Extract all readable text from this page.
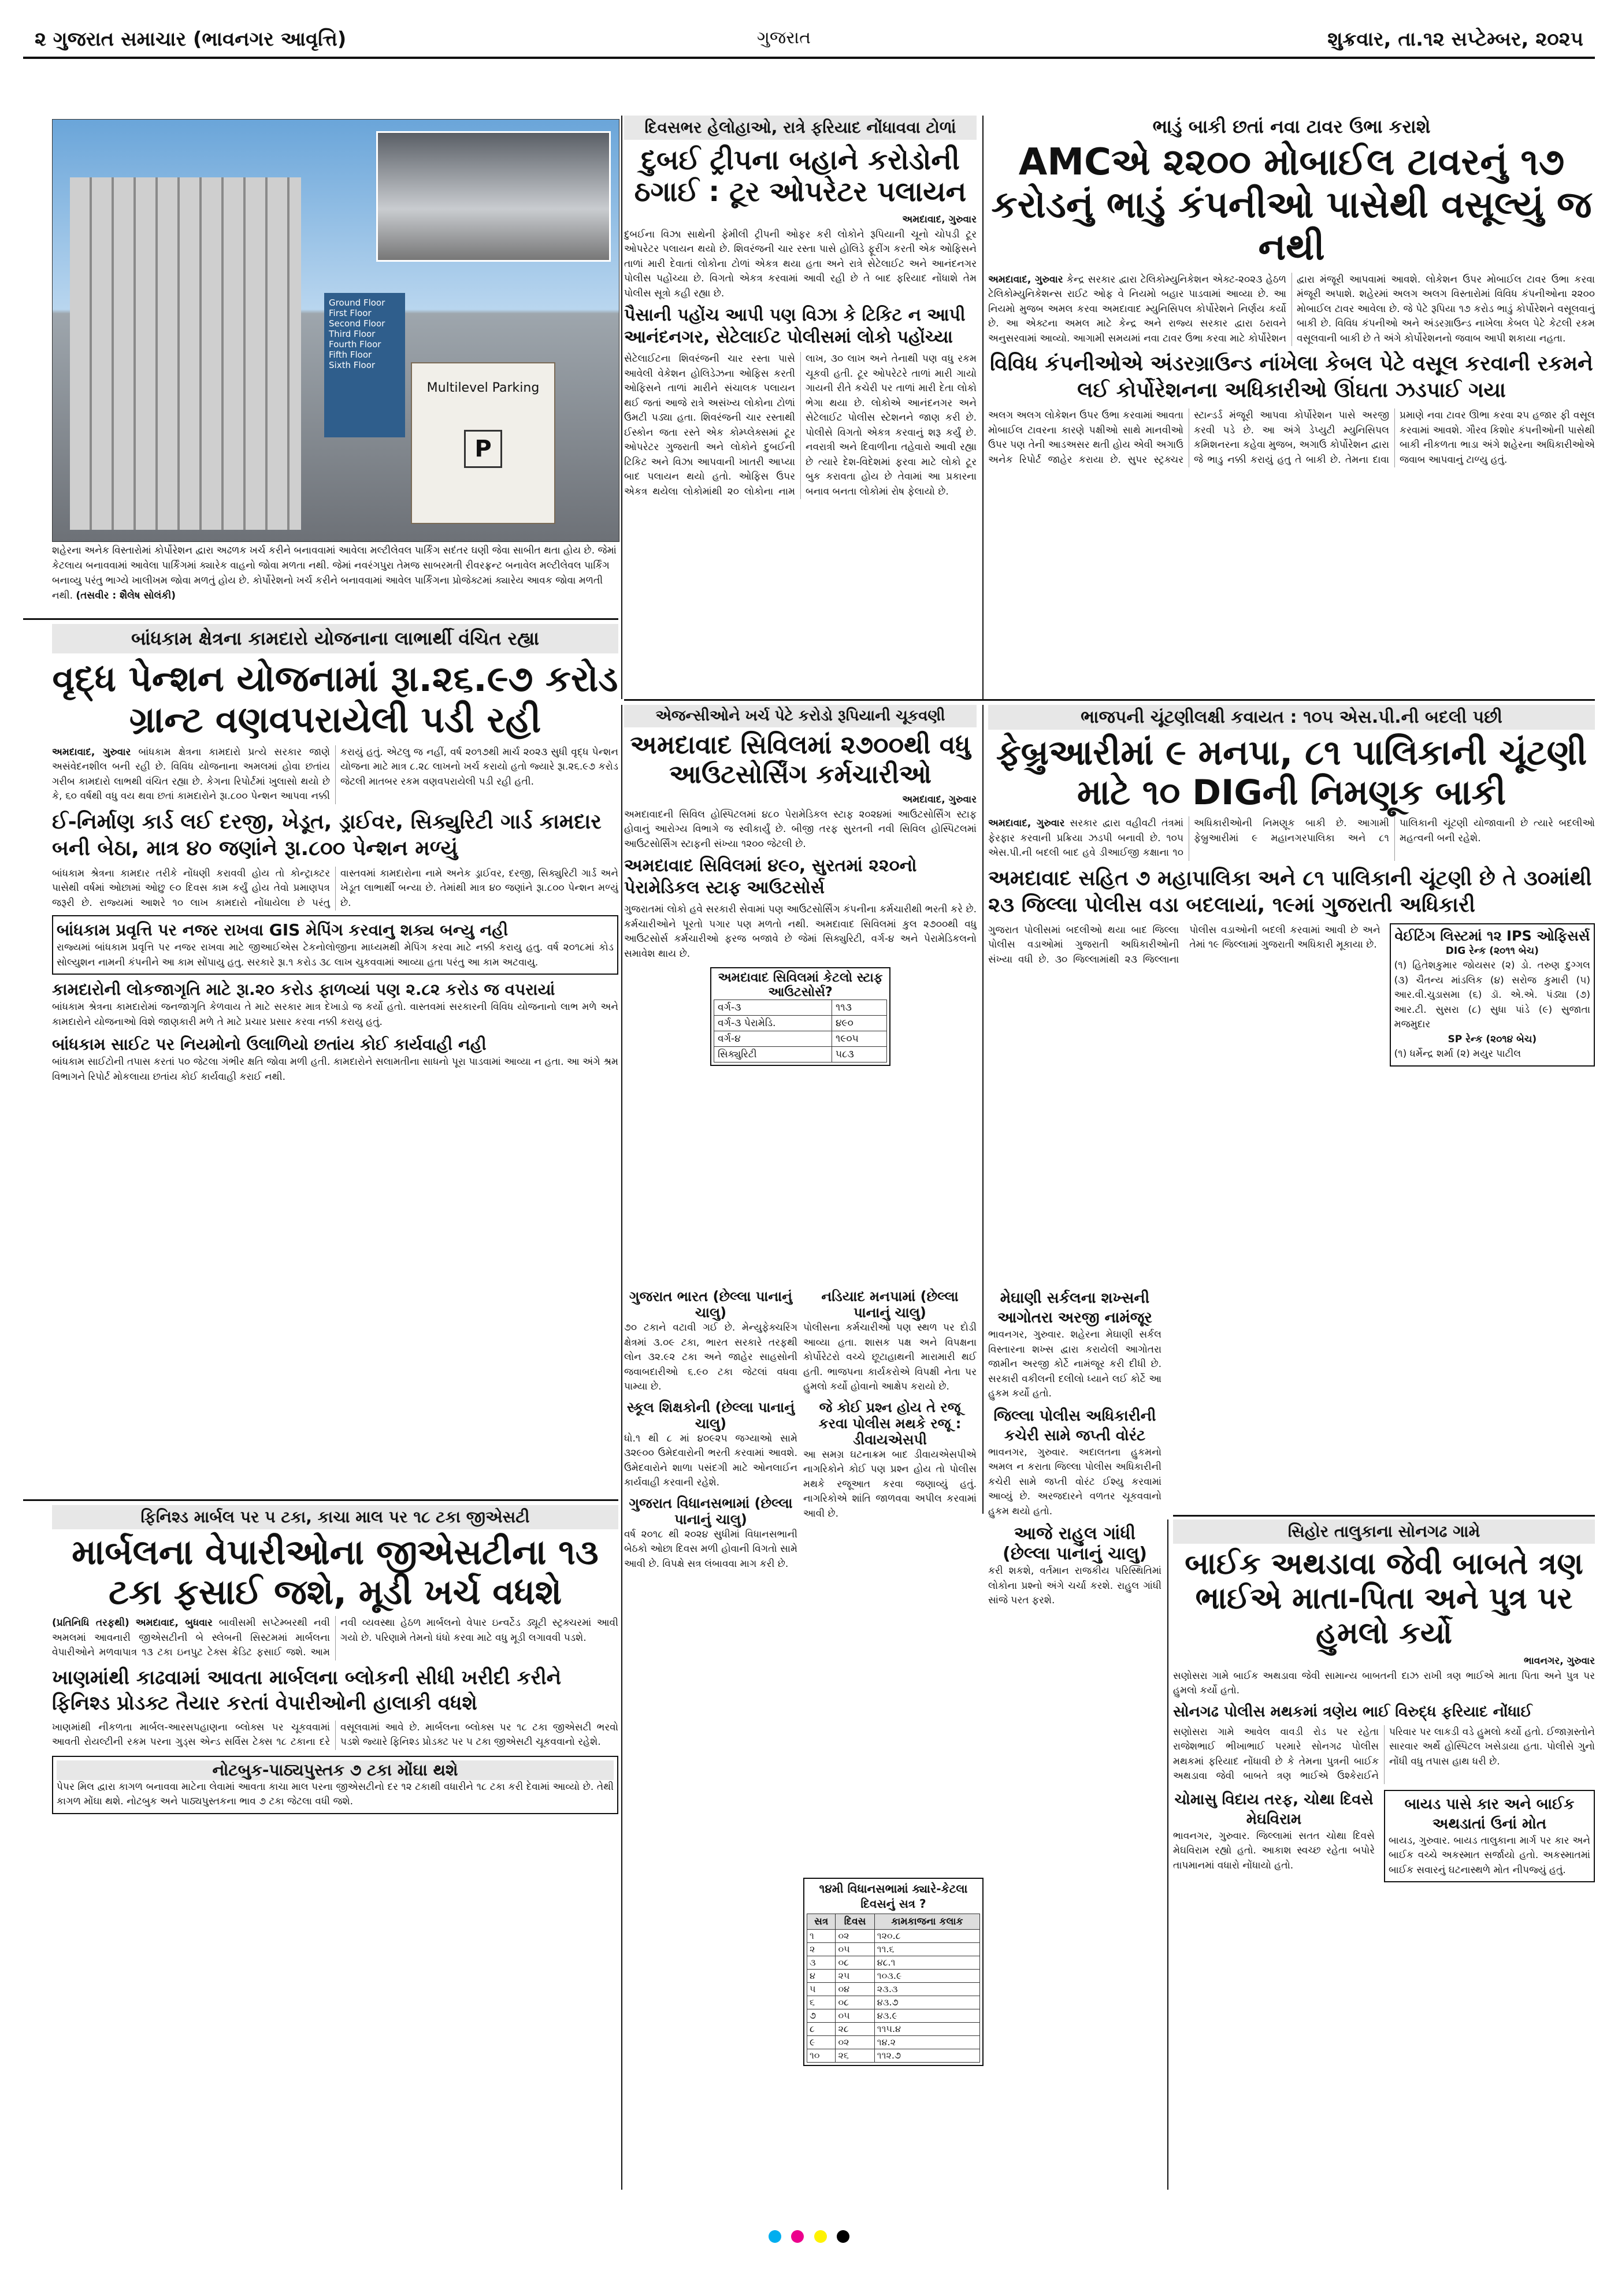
૨ ગુજરાત સમાચાર (ભાવનગર આવૃત્તિ)	ગુજરાત	શુક્રવાર, તા.૧૨ સપ્ટેમ્બર, ૨૦૨૫
Ground Floor
First Floor
Second Floor
Third Floor
Fourth Floor
Fifth Floor
Sixth Floor
Multilevel Parking
P
શહેરના અનેક વિસ્તારોમાં કોર્પોરેશન દ્વારા અઢળક ખર્ચ કરીને બનાવવામાં આવેલા મલ્ટીલેવલ પાર્કિંગ સદંતર ઘણી જેવા સાબીત થતા હોય છે. જેમાં કેટલાય બનાવવામાં આવેલા પાર્કિંગમાં ક્યારેક વાહનો જોવા મળતા નથી. જેમાં નવરંગપુરા તેમજ સાબરમતી રીવરફ્રન્ટ બનાવેલ મલ્ટીલેવલ પાર્કિંગ બનાવ્યુ પરંતુ ભાગ્યે ખાલીખમ જોવા મળતું હોય છે. કોર્પોરેશનો ખર્ચ કરીને બનાવવામાં આવેલ પાર્કિંગના પ્રોજેક્ટમાં ક્યારેય આવક જોવા મળતી નથી. (તસવીર : શૈલેષ સોલંકી)
દિવસભર હેલોહાઓ, રાત્રે ફરિયાદ નોંધાવવા ટોળાં
દુબઈ ટ્રીપના બહાને કરોડોની ઠગાઈ : ટૂર ઓપરેટર પલાયન
અમદાવાદ, ગુરુવાર
દુબઈના વિઝા સાથેની ફેમીલી ટ્રીપની ઓફર કરી લોકોને રૂપિયાની ચૂનો ચોપડી ટૂર ઓપરેટર પલાયન થયો છે. શિવરંજની ચાર રસ્તા પાસે હોલિડે ફૂરીંગ કરતી એક ઓફિસને તાળાં મારી દેવાતાં લોકોના ટોળાં એકત્ર થયા હતા અને રાત્રે સેટેલાઈટ અને આનંદનગર પોલીસ પહોંચ્યા છે. વિગતો એકત્ર કરવામાં આવી રહી છે તે બાદ ફરિયાદ નોંધાશે તેમ પોલીસ સૂત્રો કહી રહ્યા છે.
પૈસાની પહોંચ આપી પણ વિઝા કે ટિકિટ ન આપી આનંદનગર, સેટેલાઈટ પોલીસમાં લોકો પહોંચ્યા
સેટેલાઈટના શિવરંજની ચાર રસ્તા પાસે આવેલી વેકેશન હોલિડેઝના ઓફિસ કરતી ઓફિસને તાળાં મારીને સંચાલક પલાયન થઈ જતાં આજે રાત્રે અસંખ્ય લોકોના ટોળાં ઉમટી પડ્યા હતા. શિવરંજની ચાર રસ્તાથી ઈસ્કોન જતા રસ્તે એક કોમ્પ્લેક્સમાં ટૂર ઓપરેટર ગુજરાતી અને લોકોને દુબઈની ટિકિટ અને વિઝા આપવાની ખાતરી આપ્યા બાદ પલાયન થયો હતો. ઓફિસ ઉપર એકત્ર થયેલા લોકોમાંથી ૨૦ લોકોના નામ લાખ, ૩૦ લાખ અને તેનાથી પણ વધુ રકમ ચૂકવી હતી. ટૂર ઓપરેટરે તાળાં મારી ગાયો ગાયની રીતે કચેરી પર તાળાં મારી દેતા લોકો ભેગા થયા છે. લોકોએ આનંદનગર અને સેટેલાઈટ પોલીસ સ્ટેશનને જાણ કરી છે. પોલીસે વિગતો એકત્ર કરવાનું શરૂ કર્યું છે. નવરાત્રી અને દિવાળીના તહેવારો આવી રહ્યા છે ત્યારે દેશ-વિદેશમાં ફરવા માટે લોકો ટૂર બુક કરાવતા હોય છે તેવામાં આ પ્રકારના બનાવ બનતા લોકોમાં રોષ ફેલાયો છે.
ભાડું બાકી છતાં નવા ટાવર ઉભા કરાશે
AMCએ ૨૨૦૦ મોબાઈલ ટાવરનું ૧૭ કરોડનું ભાડું કંપનીઓ પાસેથી વસૂલ્યું જ નથી
અમદાવાદ, ગુરુવાર કેન્દ્ર સરકાર દ્વારા ટેલિકોમ્યુનિકેશન એક્ટ-૨૦૨૩ હેઠળ ટેલિકોમ્યુનિકેશન્સ રાઈટ ઓફ વે નિયમો બહાર પાડવામાં આવ્યા છે. આ નિયમો મુજબ અમલ કરવા અમદાવાદ મ્યુનિસિપલ કોર્પોરેશને નિર્ણય કર્યો છે. આ એક્ટના અમલ માટે કેન્દ્ર અને રાજ્ય સરકાર દ્વારા ઠરાવને અનુસરવામાં આવ્યો. આગામી સમયમાં નવા ટાવર ઉભા કરવા માટે કોર્પોરેશન દ્વારા મંજૂરી આપવામાં આવશે. લોકેશન ઉપર મોબાઈલ ટાવર ઉભા કરવા મંજૂરી અપાશે. શહેરમાં અલગ અલગ વિસ્તારોમાં વિવિધ કંપનીઓના ૨૨૦૦ મોબાઈલ ટાવર આવેલા છે. જે પેટે રૂપિયા ૧૭ કરોડ ભાડું કોર્પોરેશને વસૂલવાનું બાકી છે. વિવિધ કંપનીઓ અને અંડરગ્રાઉન્ડ નાખેલા કેબલ પેટે કેટલી રકમ વસૂલવાની બાકી છે તે અંગે કોર્પોરેશનનો જવાબ આપી શકાયા નહતા.
વિવિધ કંપનીઓએ અંડરગ્રાઉન્ડ નાંખેલા કેબલ પેટે વસૂલ કરવાની રકમને લઈ કોર્પોરેશનના અધિકારીઓ ઊંઘતા ઝડપાઈ ગયા
અલગ અલગ લોકેશન ઉપર ઉભા કરવામાં આવતા મોબાઈલ ટાવરના કારણે પક્ષીઓ સાથે માનવીઓ ઉપર પણ તેની આડઅસર થતી હોય એવી અગાઉ અનેક રિપોર્ટ જાહેર કરાયા છે. સુપર સ્ટ્રક્ચર સ્ટાન્ડર્ડ મંજૂરી આપવા કોર્પોરેશન પાસે અરજી કરવી પડે છે. આ અંગે ડેપ્યુટી મ્યુનિસિપલ કમિશનરના કહેવા મુજબ, અગાઉ કોર્પોરેશન દ્વારા જે ભાડુ નક્કી કરાયું હતુ તે બાકી છે. તેમના દાવા પ્રમાણે નવા ટાવર ઊભા કરવા ૨૫ હજાર ફી વસૂલ કરવામાં આવશે. ગૌરવ કિશોર કંપનીઓની પાસેથી બાકી નીકળતા ભાડા અંગે શહેરના અધિકારીઓએ જવાબ આપવાનું ટાળ્યુ હતું.
બાંધકામ ક્ષેત્રના કામદારો યોજનાના લાભાર્થી વંચિત રહ્યા
વૃદ્ધ પેન્શન યોજનામાં રૂા.૨૬.૯૭ કરોડ ગ્રાન્ટ વણવપરાયેલી પડી રહી
અમદાવાદ, ગુરુવાર બાંધકામ ક્ષેત્રના કામદારો પ્રત્યે સરકાર જાણે અસંવેદનશીલ બની રહી છે. વિવિધ યોજનાના અમલમાં હોવા છતાંય ગરીબ કામદારો લાભથી વંચિત રહ્યા છે. કેગના રિપોર્ટમાં ખુલાસો થયો છે કે, ૬૦ વર્ષથી વધુ વય થવા છતાં કામદારોને રૂા.૮૦૦ પેન્શન આપવા નક્કી કરાયું હતું. એટલુ જ નહીં, વર્ષ ૨૦૧૭થી માર્ચ ૨૦૨૩ સુધી વૃદ્ધ પેન્શન યોજના માટે માત્ર ૮.૨૮ લાખનો ખર્ચ કરાયો હતો જ્યારે રૂા.૨૬.૯૭ કરોડ જેટલી માતબર રકમ વણવપરાયેલી પડી રહી હતી.
ઈ-નિર્માણ કાર્ડ લઈ દરજી, ખેડૂત, ડ્રાઈવર, સિક્યુરિટી ગાર્ડ કામદાર બની બેઠા, માત્ર ૪૦ જણાંને રૂા.૮૦૦ પેન્શન મળ્યું
બાંધકામ શ્રેત્રના કામદાર તરીકે નોંધણી કરાવવી હોય તો કોન્ટ્રાક્ટર પાસેથી વર્ષમાં ઓછામાં ઓછુ ૯૦ દિવસ કામ કર્યું હોય તેવો પ્રમાણપત્ર જરૂરી છે. રાજ્યમાં આશરે ૧૦ લાખ કામદારો નોંધાયેલા છે પરંતુ વાસ્તવમાં કામદારોના નામે અનેક ડ્રાઈવર, દરજી, સિક્યુરિટી ગાર્ડ અને ખેડૂત લાભાર્થી બન્યા છે. તેમાંથી માત્ર ૪૦ જણાંને રૂા.૮૦૦ પેન્શન મળ્યું છે.
બાંધકામ પ્રવૃત્તિ પર નજર રાખવા GIS મેપિંગ કરવાનુ શક્ય બન્યુ નહી
રાજ્યમાં બાંધકામ પ્રવૃત્તિ પર નજર રાખવા માટે જીઆઈએસ ટેકનોલોજીના માધ્યમથી મેપિંગ કરવા માટે નક્કી કરાયુ હતુ. વર્ષ ૨૦૧૮માં કોડ સોલ્યુશન નામની કંપનીને આ કામ સોંપાયુ હતુ. સરકારે રૂા.૧ કરોડ ૩૮ લાખ ચુકવવામાં આવ્યા હતા પરંતુ આ કામ અટવાયુ.
કામદારોની લોકજાગૃતિ માટે રૂા.૨૦ કરોડ ફાળવ્યાં પણ ૨.૮૨ કરોડ જ વપરાયાં
બાંધકામ શ્રેત્રના કામદારોમાં જનજાગૃતિ કેળવાય તે માટે સરકાર માત્ર દેખાડો જ કર્યો હતો. વાસ્તવમાં સરકારની વિવિધ યોજનાનો લાભ મળે અને કામદારોને યોજનાઓ વિશે જાણકારી મળે તે માટે પ્રચાર પ્રસાર કરવા નક્કી કરાયુ હતું.
બાંધકામ સાઈટ પર નિયમોનો ઉલાળિયો છતાંય કોઈ કાર્યવાહી નહી
બાંધકામ સાઈટોની તપાસ કરતાં ૫૦ જેટલા ગંભીર ક્ષતિ જોવા મળી હતી. કામદારોને સલામતીના સાધનો પૂરા પાડવામાં આવ્યા ન હતા. આ અંગે શ્રમ વિભાગને રિપોર્ટ મોકલાયા છતાંય કોઈ કાર્યવાહી કરાઈ નથી.
એજન્સીઓને ખર્ચ પેટે કરોડો રૂપિયાની ચૂકવણી
અમદાવાદ સિવિલમાં ૨૭૦૦થી વધુ આઉટસોર્સિંગ કર્મચારીઓ
અમદાવાદ, ગુરુવાર
અમદાવાદની સિવિલ હોસ્પિટલમાં ૪૮૦ પેરામેડિકલ સ્ટાફ ૨૦૨૪માં આઉટસોર્સિંગ સ્ટાફ હોવાનું આરોગ્ય વિભાગે જ સ્વીકાર્યું છે. બીજી તરફ સુરતની નવી સિવિલ હોસ્પિટલમાં આઉટસોર્સિંગ સ્ટાફની સંખ્યા ૧૨૦૦ જેટલી છે.
અમદાવાદ સિવિલમાં ૪૯૦, સુરતમાં ૨૨૦નો પેરામેડિકલ સ્ટાફ આઉટસોર્સ
ગુજરાતમાં લોકો હવે સરકારી સેવામાં પણ આઉટસોર્સિંગ કંપનીના કર્મચારીથી ભરતી કરે છે. કર્મચારીઓને પૂરતો પગાર પણ મળતો નથી. અમદાવાદ સિવિલમાં કુલ ૨૭૦૦થી વધુ આઉટસોર્સ કર્મચારીઓ ફરજ બજાવે છે જેમાં સિક્યુરિટી, વર્ગ-૪ અને પેરામેડિકલનો સમાવેશ થાય છે.
અમદાવાદ સિવિલમાં કેટલો સ્ટાફ આઉટસોર્સ?
વર્ગ-૩	૧૧૩
વર્ગ-૩ પેરામેડિ.	૪૯૦
વર્ગ-૪	૧૯૦૫
સિક્યુરિટી	૫૮૩
ભાજપની ચૂંટણીલક્ષી કવાયત : ૧૦૫ એસ.પી.ની બદલી પછી
ફેબ્રુઆરીમાં ૯ મનપા, ૮૧ પાલિકાની ચૂંટણી માટે ૧૦ DIGની નિમણૂક બાકી
અમદાવાદ, ગુરુવાર સરકાર દ્વારા વહીવટી તંત્રમાં ફેરફાર કરવાની પ્રક્રિયા ઝડપી બનાવી છે. ૧૦૫ એસ.પી.ની બદલી બાદ હવે ડીઆઈજી કક્ષાના ૧૦ અધિકારીઓની નિમણૂક બાકી છે. આગામી ફેબ્રુઆરીમાં ૯ મહાનગરપાલિકા અને ૮૧ પાલિકાની ચૂંટણી યોજાવાની છે ત્યારે બદલીઓ મહત્વની બની રહેશે.
અમદાવાદ સહિત ૭ મહાપાલિકા અને ૮૧ પાલિકાની ચૂંટણી છે તે ૩૦માંથી ૨૩ જિલ્લા પોલીસ વડા બદલાયાં, ૧૯માં ગુજરાતી અધિકારી
ગુજરાત પોલીસમાં બદલીઓ થયા બાદ જિલ્લા પોલીસ વડાઓમાં ગુજરાતી અધિકારીઓની સંખ્યા વધી છે. ૩૦ જિલ્લામાંથી ૨૩ જિલ્લાના પોલીસ વડાઓની બદલી કરવામાં આવી છે અને તેમાં ૧૯ જિલ્લામાં ગુજરાતી અધિકારી મૂકાયા છે.
વેઈટિંગ લિસ્ટમાં ૧૨ IPS ઓફિસર્સ
DIG રેન્ક (૨૦૧૧ બેચ)
(૧) હિતેશકુમાર જોયસર (૨) ડો. તરુણ દુગ્ગલ (૩) ચૈતન્ય માંડલિક (૪) સરોજ કુમારી (૫) આર.વી.ચુડાસમા (૬) ડૉ. એ.એ. પંડ્યા (૭) આર.ટી. સુસરા (૮) સુધા પાંડે (૯) સુજાતા મજમુદાર
SP રેન્ક (૨૦૧૪ બેચ)
(૧) ધર્મેન્દ્ર શર્મા (૨) મયુર પાટીલ
ફિનિશ્ડ માર્બલ પર ૫ ટકા, કાચા માલ પર ૧૮ ટકા જીએસટી
માર્બલના વેપારીઓના જીએસટીના ૧૩ ટકા ફસાઈ જશે, મૂડી ખર્ચ વધશે
(પ્રતિનિધિ તરફથી) અમદાવાદ, બુધવાર બાવીસમી સપ્ટેમ્બરથી નવી અમલમાં આવનારી જીએસટીની બે સ્લેબની સિસ્ટમમાં માર્બલના વેપારીઓને મળવાપાત્ર ૧૩ ટકા ઇનપુટ ટેક્સ ક્રેડિટ ફસાઈ જશે. આમ નવી વ્યવસ્થા હેઠળ માર્બલનો વેપાર ઇન્વર્ટેડ ડ્યૂટી સ્ટ્રક્ચરમાં આવી ગયો છે. પરિણામે તેમનો ધંધો કરવા માટે વધુ મૂડી લગાવવી પડશે.
ખાણમાંથી કાઢવામાં આવતા માર્બલના બ્લોકની સીધી ખરીદી કરીને ફિનિશ્ડ પ્રોડક્ટ તૈયાર કરતાં વેપારીઓની હાલાકી વધશે
ખાણમાંથી નીકળતા માર્બલ-આરસપહાણના બ્લોક્સ પર ચૂકવવામાં આવતી રોયલ્ટીની રકમ પરના ગુડ્સ એન્ડ સર્વિસ ટેક્સ ૧૮ ટકાના દરે વસૂલવામાં આવે છે. માર્બલના બ્લોક્સ પર ૧૮ ટકા જીએસટી ભરવો પડશે જ્યારે ફિનિશ્ડ પ્રોડક્ટ પર ૫ ટકા જીએસટી ચૂકવવાનો રહેશે.
નોટબુક-પાઠ્યપુસ્તક ૭ ટકા મોંઘા થશે
પેપર મિલ દ્વારા કાગળ બનાવવા માટેના લેવામાં આવતા કાચા માલ પરના જીએસટીનો દર ૧૨ ટકાથી વધારીને ૧૮ ટકા કરી દેવામાં આવ્યો છે. તેથી કાગળ મોંઘા થશે. નોટબુક અને પાઠ્યપુસ્તકના ભાવ ૭ ટકા જેટલા વધી જશે.
ગુજરાત ભારત (છેલ્લા પાનાનું ચાલુ)
૭૦ ટકાને વટાવી ગઈ છે. મેન્યુફેક્ચરિંગ ક્ષેત્રમાં ૩.૦૯ ટકા, ભારત સરકારે તરફથી લોન ૩૨.૯૨ ટકા અને જાહેર સાહસોની જવાબદારીઓ ૬.૯૦ ટકા જેટલાં વધવા પામ્યા છે.
સ્કૂલ શિક્ષકોની (છેલ્લા પાનાનું ચાલુ)
ધો.૧ થી ૮ માં ૪૦૯૨૫ જગ્યાઓ સામે ૩૨૯૦૦ ઉમેદવારોની ભરતી કરવામાં આવશે. ઉમેદવારોને શાળા પસંદગી માટે ઓનલાઈન કાર્યવાહી કરવાની રહેશે.
ગુજરાત વિધાનસભામાં (છેલ્લા પાનાનું ચાલુ)
વર્ષ ૨૦૧૮ થી ૨૦૨૪ સુધીમાં વિધાનસભાની બેઠકો ઓછા દિવસ મળી હોવાની વિગતો સામે આવી છે. વિપક્ષે સત્ર લંબાવવા માગ કરી છે.
નડિયાદ મનપામાં (છેલ્લા પાનાનું ચાલુ)
પોલીસના કર્મચારીઓ પણ સ્થળ પર દોડી આવ્યા હતા. શાસક પક્ષ અને વિપક્ષના કોર્પોરેટરો વચ્ચે છૂટાહાથની મારામારી થઈ હતી. ભાજપના કાર્યકરોએ વિપક્ષી નેતા પર હુમલો કર્યો હોવાનો આક્ષેપ કરાયો છે.
જે કોઈ પ્રશ્ન હોય તે રજૂ કરવા પોલીસ મથકે રજૂ : ડીવાયએસપી
આ સમગ્ર ઘટનાક્રમ બાદ ડીવાયએસપીએ નાગરિકોને કોઈ પણ પ્રશ્ન હોય તો પોલીસ મથકે રજૂઆત કરવા જણાવ્યું હતું. નાગરિકોએ શાંતિ જાળવવા અપીલ કરવામાં આવી છે.
૧૪મી વિધાનસભામાં ક્યારે-કેટલા દિવસનું સત્ર ?
સત્ર	દિવસ	કામકાજના કલાક
૧	૦૨	૧૨૦.૮
૨	૦૫	૧૧.૬
૩	૦૮	૪૮.૧
૪	૨૫	૧૦૩.૯
૫	૦૪	૨૩.૩
૬	૦૮	૪૩.૭
૭	૦૫	૪૩.૯
૮	૨૮	૧૧૫.૪
૯	૦૨	૧૪.૨
૧૦	૨૬	૧૧૨.૭
મેઘાણી સર્કલના શખ્સની આગોતરા અરજી નામંજૂર
ભાવનગર, ગુરુવાર. શહેરના મેઘાણી સર્કલ વિસ્તારના શખ્સ દ્વારા કરાયેલી આગોતરા જામીન અરજી કોર્ટે નામંજૂર કરી દીધી છે. સરકારી વકીલની દલીલો ધ્યાને લઈ કોર્ટે આ હુકમ કર્યો હતો.
જિલ્લા પોલીસ અધિકારીની કચેરી સામે જપ્તી વોરંટ
ભાવનગર, ગુરુવાર. અદાલતના હુકમનો અમલ ન કરાતા જિલ્લા પોલીસ અધિકારીની કચેરી સામે જપ્તી વોરંટ ઈશ્યુ કરવામાં આવ્યું છે. અરજદારને વળતર ચૂકવવાનો હુકમ થયો હતો.
આજે રાહુલ ગાંધી (છેલ્લા પાનાનું ચાલુ)
કરી શકશે, વર્તમાન રાજકીય પરિસ્થિતિમાં લોકોના પ્રશ્નો અંગે ચર્ચા કરશે. રાહુલ ગાંધી સાંજે પરત ફરશે.
સિહોર તાલુકાના સોનગઢ ગામે
બાઈક અથડાવા જેવી બાબતે ત્રણ ભાઈએ માતા-પિતા અને પુત્ર પર હુમલો કર્યો
ભાવનગર, ગુરુવાર
સણોસરા ગામે બાઈક અથડાવા જેવી સામાન્ય બાબતની દાઝ રાખી ત્રણ ભાઈએ માતા પિતા અને પુત્ર પર હુમલો કર્યો હતો.
સોનગઢ પોલીસ મથકમાં ત્રણેય ભાઈ વિરુદ્ધ ફરિયાદ નોંધાઈ
સણોસરા ગામે આવેલ વાવડી રોડ પર રહેતા રાજેશભાઈ ભીખાભાઈ પરમારે સોનગઢ પોલીસ મથકમાં ફરિયાદ નોંધાવી છે કે તેમના પુત્રની બાઈક અથડાવા જેવી બાબતે ત્રણ ભાઈએ ઉશ્કેરાઈને પરિવાર પર લાકડી વડે હુમલો કર્યો હતો. ઈજાગ્રસ્તોને સારવાર અર્થે હોસ્પિટલ ખસેડાયા હતા. પોલીસે ગુનો નોંધી વધુ તપાસ હાથ ધરી છે.
ચોમાસુ વિદાય તરફ, ચોથા દિવસે મેઘવિરામ
ભાવનગર, ગુરુવાર. જિલ્લામાં સતત ચોથા દિવસે મેઘવિરામ રહ્યો હતો. આકાશ સ્વચ્છ રહેતા બપોરે તાપમાનમાં વધારો નોંધાયો હતો.
બાયડ પાસે કાર અને બાઈક અથડાતાં ઉનાં મોત
બાયડ, ગુરુવાર. બાયડ તાલુકાના માર્ગ પર કાર અને બાઈક વચ્ચે અકસ્માત સર્જાયો હતો. અકસ્માતમાં બાઈક સવારનું ઘટનાસ્થળે મોત નીપજ્યું હતું.
